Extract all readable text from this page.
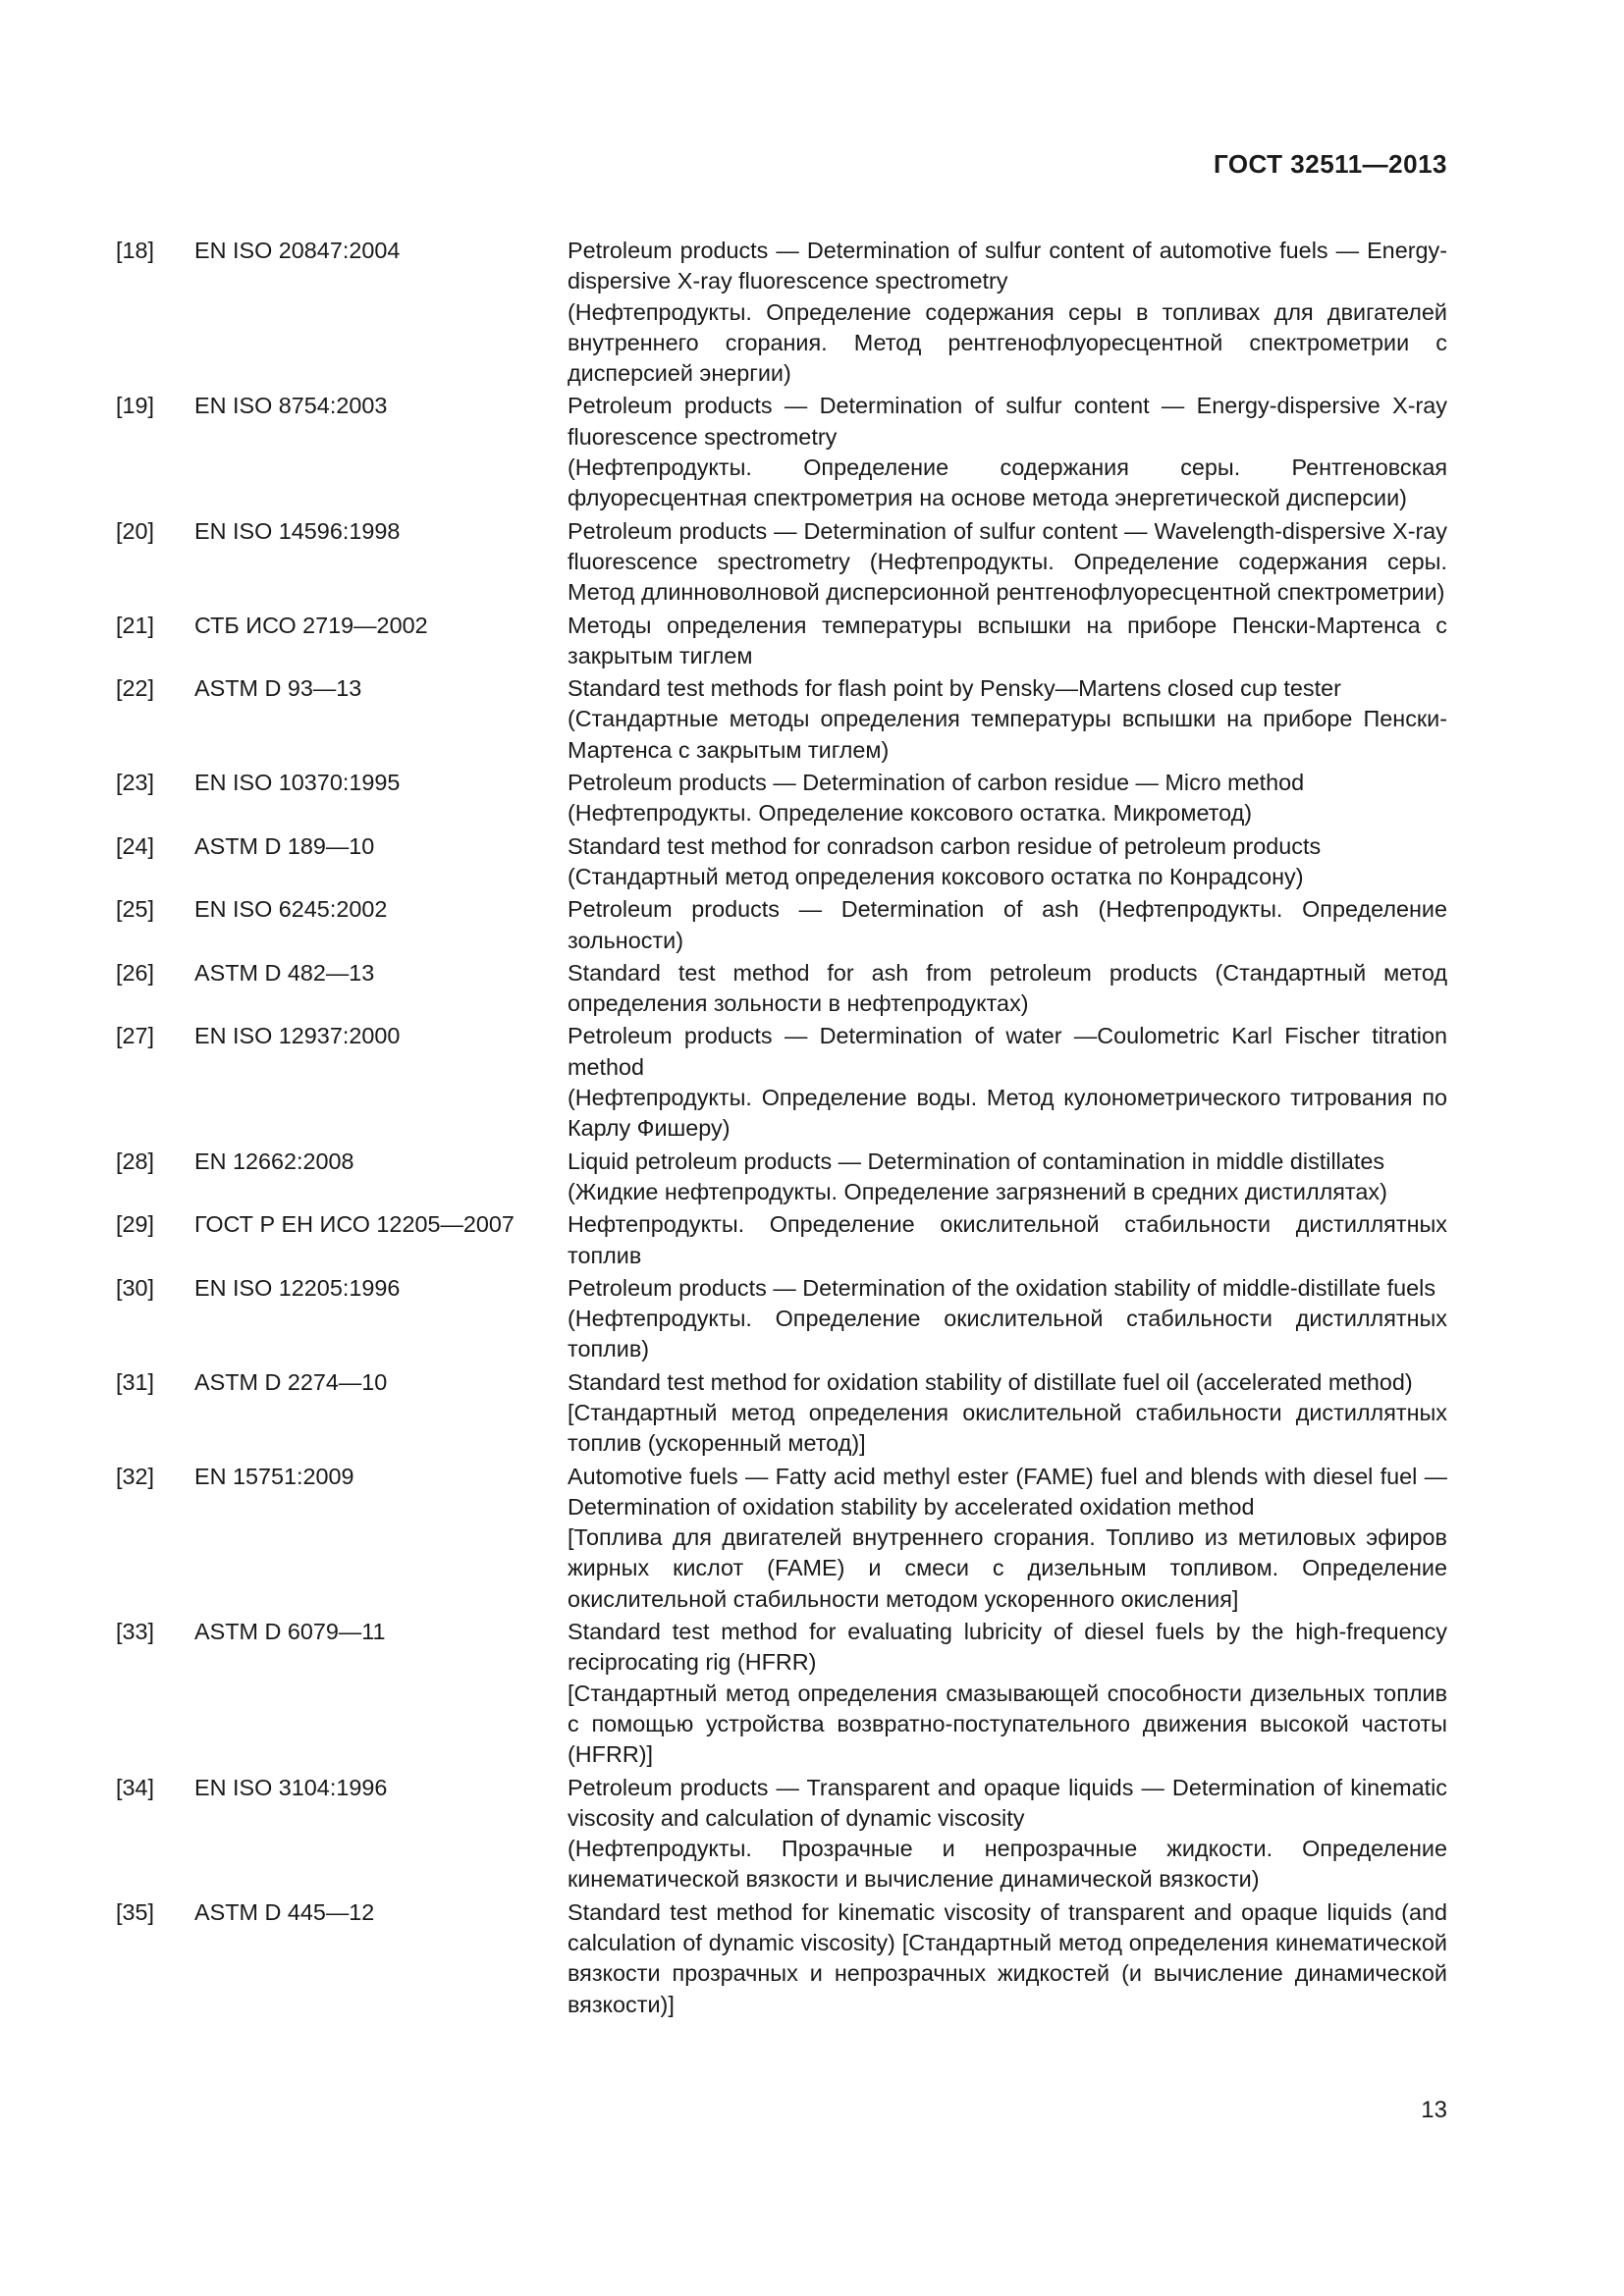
ГОСТ 32511—2013
[18]	EN ISO 20847:2004	Petroleum products — Determination of sulfur content of automotive fuels — Energy-dispersive X-ray fluorescence spectrometry
(Нефтепродукты. Определение содержания серы в топливах для двигателей внутреннего сгорания. Метод рентгенофлуоресцентной спектрометрии с дисперсией энергии)
[19]	EN ISO 8754:2003	Petroleum products — Determination of sulfur content — Energy-dispersive X-ray fluorescence spectrometry
(Нефтепродукты. Определение содержания серы. Рентгеновская флуоресцентная спектрометрия на основе метода энергетической дисперсии)
[20]	EN ISO 14596:1998	Petroleum products — Determination of sulfur content — Wavelength-dispersive X-ray fluorescence spectrometry (Нефтепродукты. Определение содержания серы. Метод длинноволновой дисперсионной рентгенофлуоресцентной спектрометрии)
[21]	СТБ ИСО 2719—2002	Методы определения температуры вспышки на приборе Пенски-Мартенса с закрытым тиглем
[22]	ASTM D 93—13	Standard test methods for flash point by Pensky—Martens closed cup tester
(Стандартные методы определения температуры вспышки на приборе Пенски-Мартенса с закрытым тиглем)
[23]	EN ISO 10370:1995	Petroleum products — Determination of carbon residue — Micro method
(Нефтепродукты. Определение коксового остатка. Микрометод)
[24]	ASTM D 189—10	Standard test method for conradson carbon residue of petroleum products
(Стандартный метод определения коксового остатка по Конрадсону)
[25]	EN ISO 6245:2002	Petroleum products — Determination of ash (Нефтепродукты. Определение зольности)
[26]	ASTM D 482—13	Standard test method for ash from petroleum products (Стандартный метод определения зольности в нефтепродуктах)
[27]	EN ISO 12937:2000	Petroleum products — Determination of water —Coulometric Karl Fischer titration method
(Нефтепродукты. Определение воды. Метод кулонометрического титрования по Карлу Фишеру)
[28]	EN 12662:2008	Liquid petroleum products — Determination of contamination in middle distillates
(Жидкие нефтепродукты. Определение загрязнений в средних дистиллятах)
[29]	ГОСТ Р ЕН ИСО 12205—2007	Нефтепродукты. Определение окислительной стабильности дистиллятных топлив
[30]	EN ISO 12205:1996	Petroleum products — Determination of the oxidation stability of middle-distillate fuels
(Нефтепродукты. Определение окислительной стабильности дистиллятных топлив)
[31]	ASTM D 2274—10	Standard test method for oxidation stability of distillate fuel oil (accelerated method)
[Стандартный метод определения окислительной стабильности дистиллятных топлив (ускоренный метод)]
[32]	EN 15751:2009	Automotive fuels — Fatty acid methyl ester (FAME) fuel and blends with diesel fuel — Determination of oxidation stability by accelerated oxidation method
[Топлива для двигателей внутреннего сгорания. Топливо из метиловых эфиров жирных кислот (FAME) и смеси с дизельным топливом. Определение окислительной стабильности методом ускоренного окисления]
[33]	ASTM D 6079—11	Standard test method for evaluating lubricity of diesel fuels by the high-frequency reciprocating rig (HFRR)
[Стандартный метод определения смазывающей способности дизельных топлив с помощью устройства возвратно-поступательного движения высокой частоты (HFRR)]
[34]	EN ISO 3104:1996	Petroleum products — Transparent and opaque liquids — Determination of kinematic viscosity and calculation of dynamic viscosity
(Нефтепродукты. Прозрачные и непрозрачные жидкости. Определение кинематической вязкости и вычисление динамической вязкости)
[35]	ASTM D 445—12	Standard test method for kinematic viscosity of transparent and opaque liquids (and calculation of dynamic viscosity) [Стандартный метод определения кинематической вязкости прозрачных и непрозрачных жидкостей (и вычисление динамической вязкости)]
13
